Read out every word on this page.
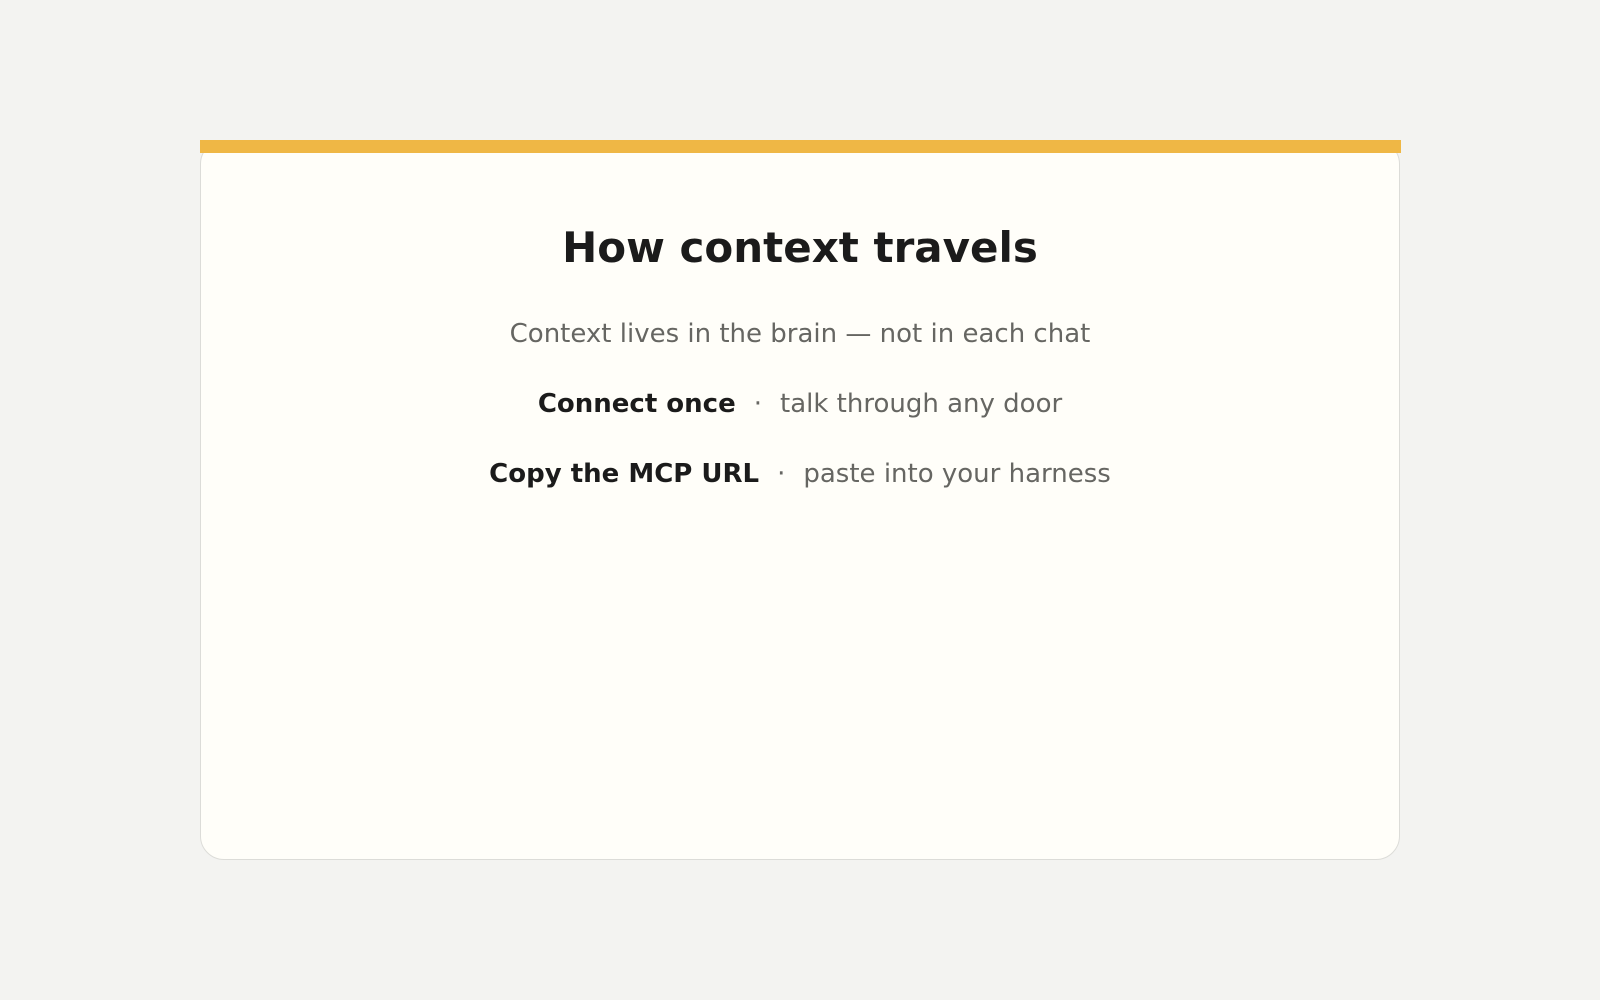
How context travels
Context lives in the brain — not in each chat
Connect once · talk through any door
Copy the MCP URL · paste into your harness
